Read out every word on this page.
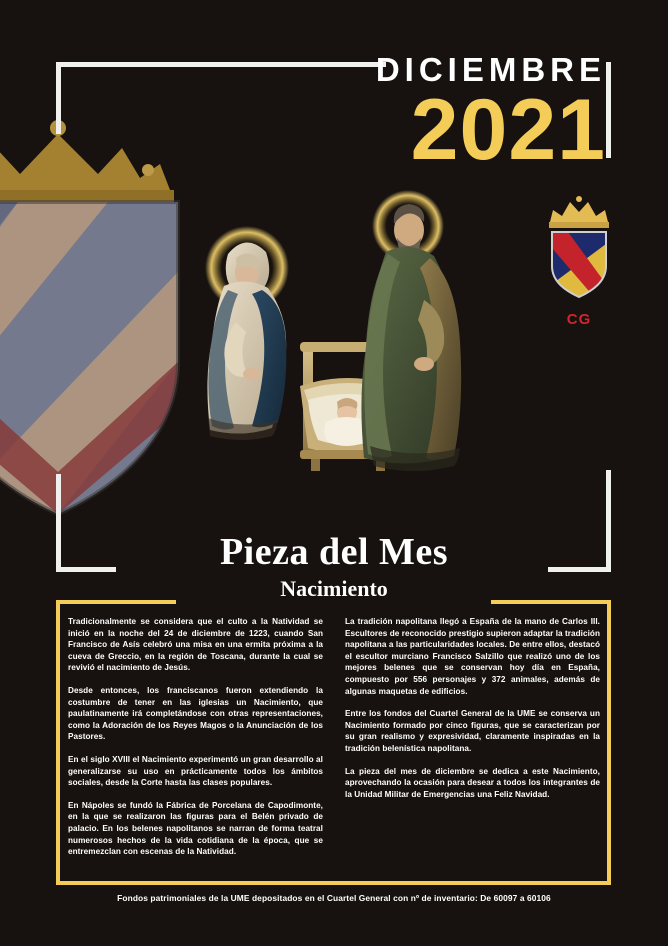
DICIEMBRE
2021
CG
Pieza del Mes
Nacimiento

Tradicionalmente se considera que el culto a la Natividad se inició en la noche del 24 de diciembre de 1223, cuando San Francisco de Asís celebró una misa en una ermita próxima a la cueva de Greccio, en la región de Toscana, durante la cual se revivió el nacimiento de Jesús.

Desde entonces, los franciscanos fueron extendiendo la costumbre de tener en las iglesias un Nacimiento, que paulatinamente irá completándose con otras representaciones, como la Adoración de los Reyes Magos o la Anunciación de los Pastores.

En el siglo XVIII el Nacimiento experimentó un gran desarrollo al generalizarse su uso en prácticamente todos los ámbitos sociales, desde la Corte hasta las clases populares.

En Nápoles se fundó la Fábrica de Porcelana de Capodimonte, en la que se realizaron las figuras para el Belén privado de palacio. En los belenes napolitanos se narran de forma teatral numerosos hechos de la vida cotidiana de la época, que se entremezclan con escenas de la Natividad.

La tradición napolitana llegó a España de la mano de Carlos III. Escultores de reconocido prestigio supieron adaptar la tradición napolitana a las particularidades locales. De entre ellos, destacó el escultor murciano Francisco Salzillo que realizó uno de los mejores belenes que se conservan hoy día en España, compuesto por 556 personajes y 372 animales, además de algunas maquetas de edificios.

Entre los fondos del Cuartel General de la UME se conserva un Nacimiento formado por cinco figuras, que se caracterizan por su gran realismo y expresividad, claramente inspiradas en la tradición belenística napolitana.

La pieza del mes de diciembre se dedica a este Nacimiento, aprovechando la ocasión para desear a todos los integrantes de la Unidad Militar de Emergencias una Feliz Navidad.

Fondos patrimoniales de la UME depositados en el Cuartel General con nº de inventario: De 60097 a 60106
